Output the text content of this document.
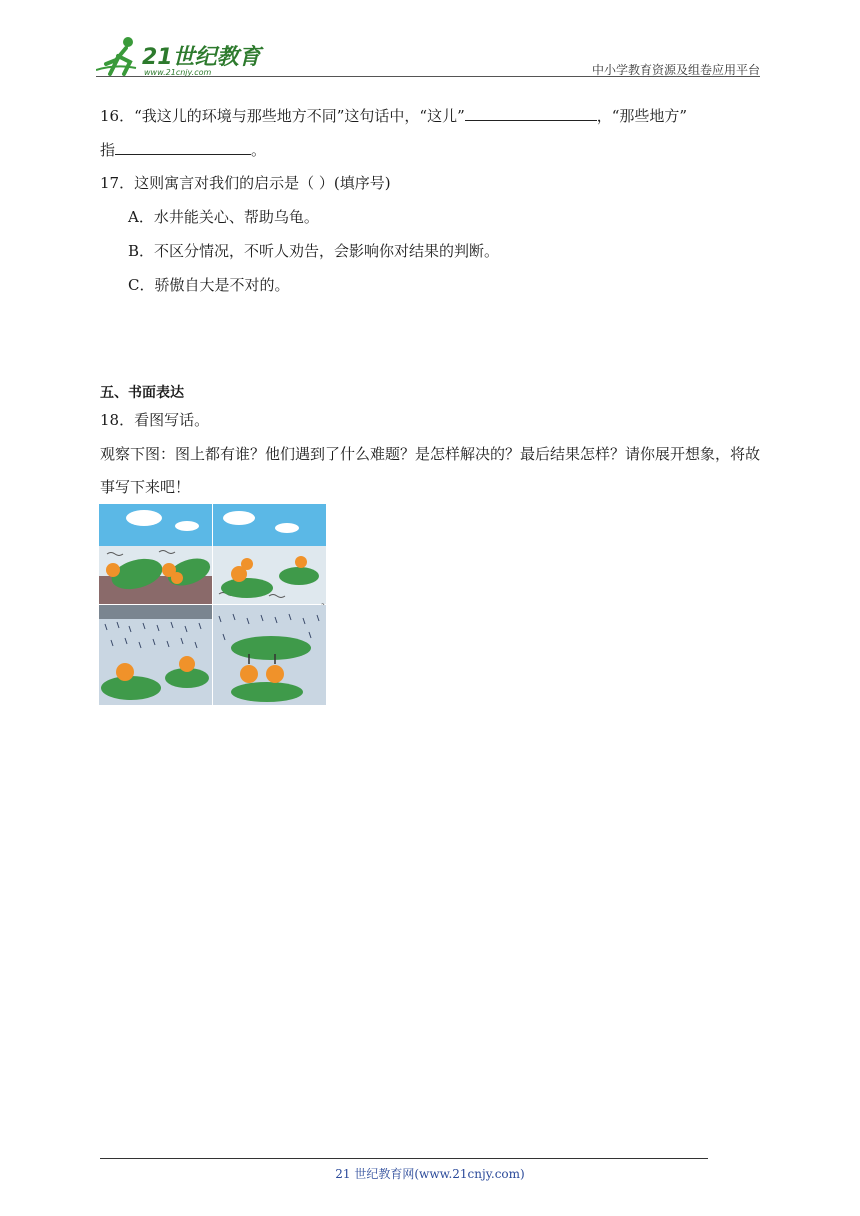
21世纪教育
www.21cnjy.com	中小学教育资源及组卷应用平台
16．“我这儿的环境与那些地方不同”这句话中，“这儿”	，“那些地方”
指	。
17．这则寓言对我们的启示是（ ）(填序号)
A．水井能关心、帮助乌龟。
B．不区分情况，不听人劝告，会影响你对结果的判断。
C．骄傲自大是不对的。
五、书面表达
18．看图写话。
观察下图：图上都有谁？他们遇到了什么难题？是怎样解决的？最后结果怎样？请你展开想象，将故
事写下来吧！
21 世纪教育网(www.21cnjy.com)
